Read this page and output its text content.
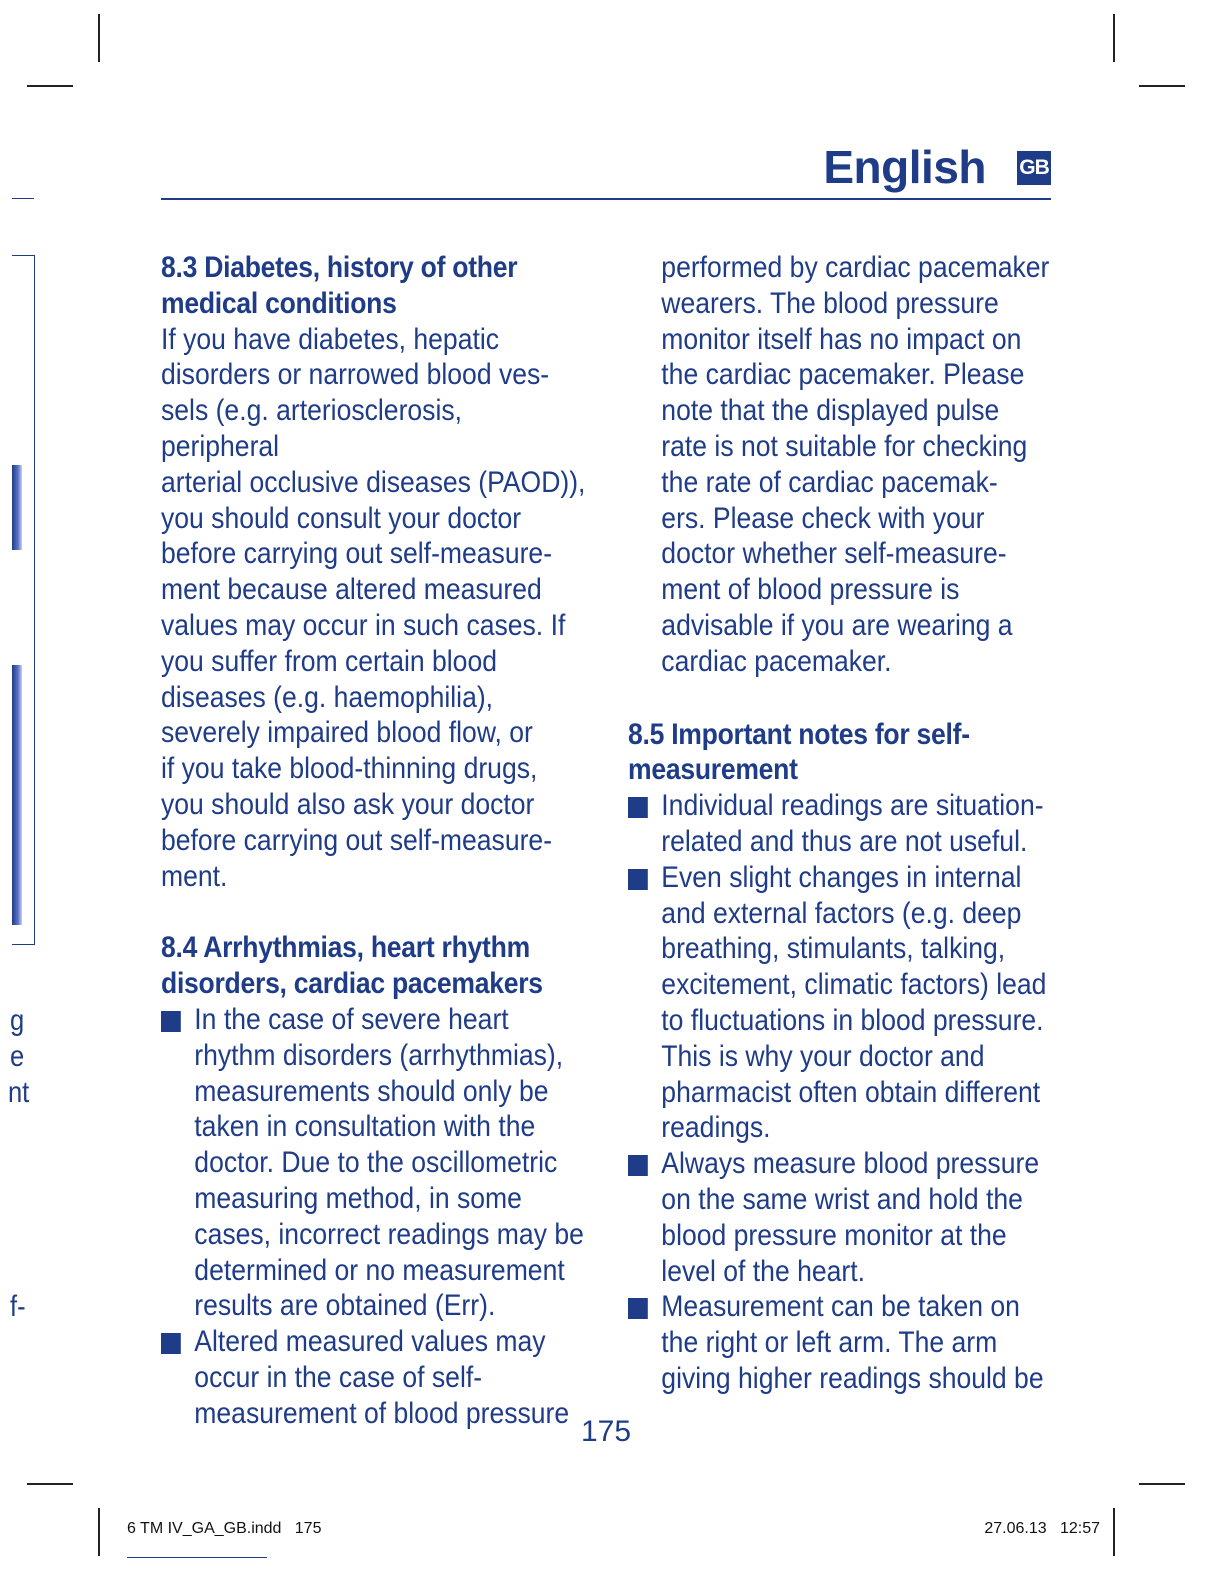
g
e
nt
f-
English GB
8.3 Diabetes, history of other
medical conditions
If you have diabetes, hepatic
disorders or narrowed blood ves-
sels (e.g. arteriosclerosis, peripheral
arterial occlusive diseases (PAOD)),
you should consult your doctor
before carrying out self-measure-
ment because altered measured
values may occur in such cases. If
you suffer from certain blood
diseases (e.g. haemophilia),
severely impaired blood flow, or
if you take blood-thinning drugs,
you should also ask your doctor
before carrying out self-measure-
ment.
8.4 Arrhythmias, heart rhythm
disorders, cardiac pacemakers
In the case of severe heart
rhythm disorders (arrhythmias),
measurements should only be
taken in consultation with the
doctor. Due to the oscillometric
measuring method, in some
cases, incorrect readings may be
determined or no measurement
results are obtained (Err).
Altered measured values may
occur in the case of self-
measurement of blood pressure
performed by cardiac pacemaker
wearers. The blood pressure
monitor itself has no impact on
the cardiac pacemaker. Please
note that the displayed pulse
rate is not suitable for checking
the rate of cardiac pacemak-
ers. Please check with your
doctor whether self-measure-
ment of blood pressure is
advisable if you are wearing a
cardiac pacemaker.
8.5 Important notes for self-
measurement
Individual readings are situation-
related and thus are not useful.
Even slight changes in internal
and external factors (e.g. deep
breathing, stimulants, talking,
excitement, climatic factors) lead
to fluctuations in blood pressure.
This is why your doctor and
pharmacist often obtain different
readings.
Always measure blood pressure
on the same wrist and hold the
blood pressure monitor at the
level of the heart.
Measurement can be taken on
the right or left arm. The arm
giving higher readings should be
175
6 TM IV_GA_GB.indd   175	27.06.13   12:57
